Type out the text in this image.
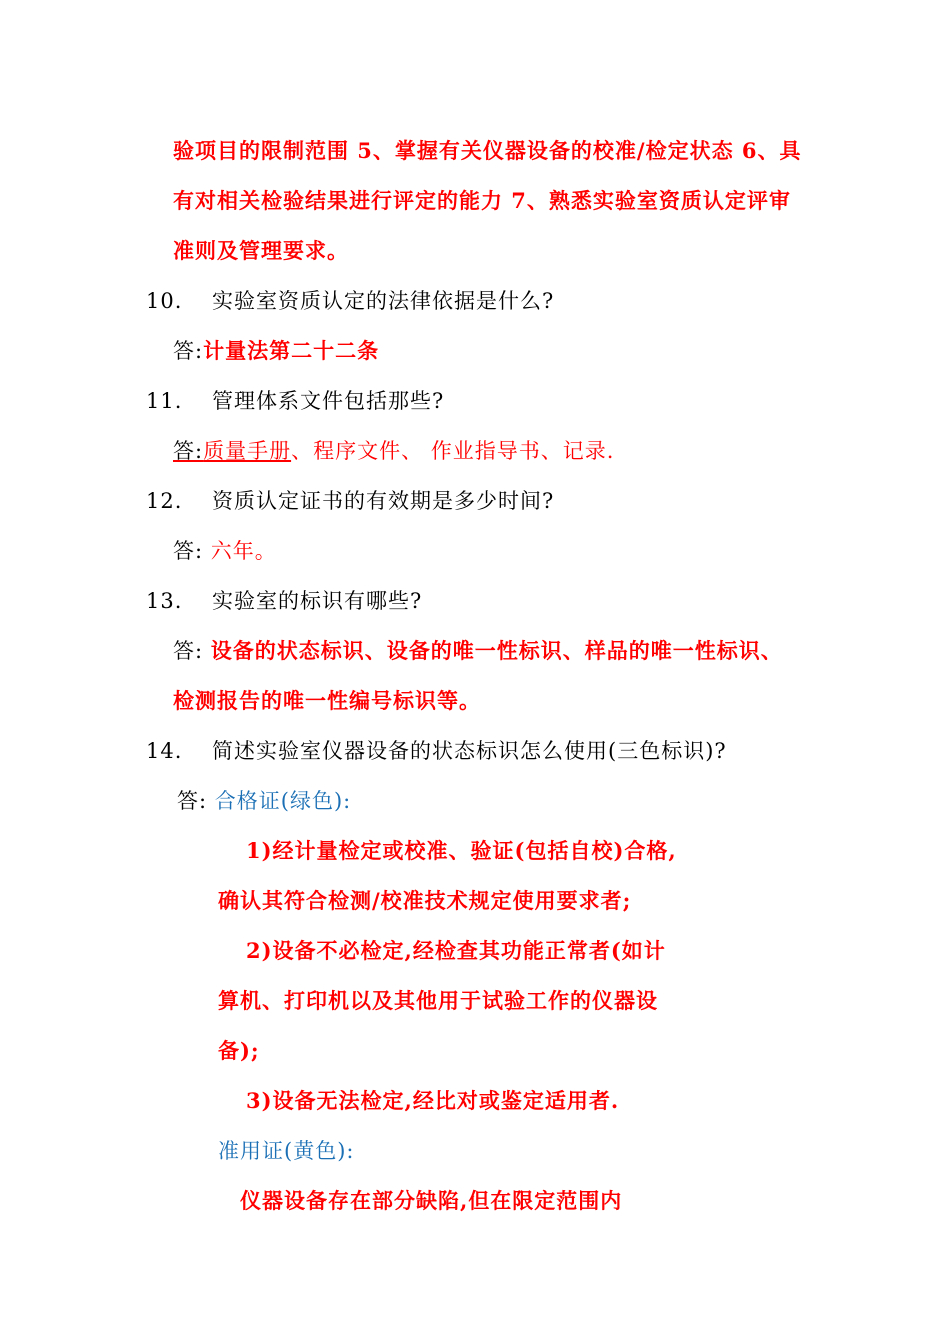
验项目的限制范围 5、掌握有关仪器设备的校准/检定状态 6、具
有对相关检验结果进行评定的能力 7、熟悉实验室资质认定评审
准则及管理要求。
10. 实验室资质认定的法律依据是什么?
答:计量法第二十二条
11. 管理体系文件包括那些?
答:质量手册、程序文件、 作业指导书、记录.
12. 资质认定证书的有效期是多少时间?
答: 六年。
13. 实验室的标识有哪些?
答: 设备的状态标识、设备的唯一性标识、样品的唯一性标识、
检测报告的唯一性编号标识等。
14. 简述实验室仪器设备的状态标识怎么使用(三色标识)?
答: 合格证(绿色):
1)经计量检定或校准、验证(包括自校)合格,
确认其符合检测/校准技术规定使用要求者;
2)设备不必检定,经检查其功能正常者(如计
算机、打印机以及其他用于试验工作的仪器设
备);
3)设备无法检定,经比对或鉴定适用者.
准用证(黄色):
仪器设备存在部分缺陷,但在限定范围内
